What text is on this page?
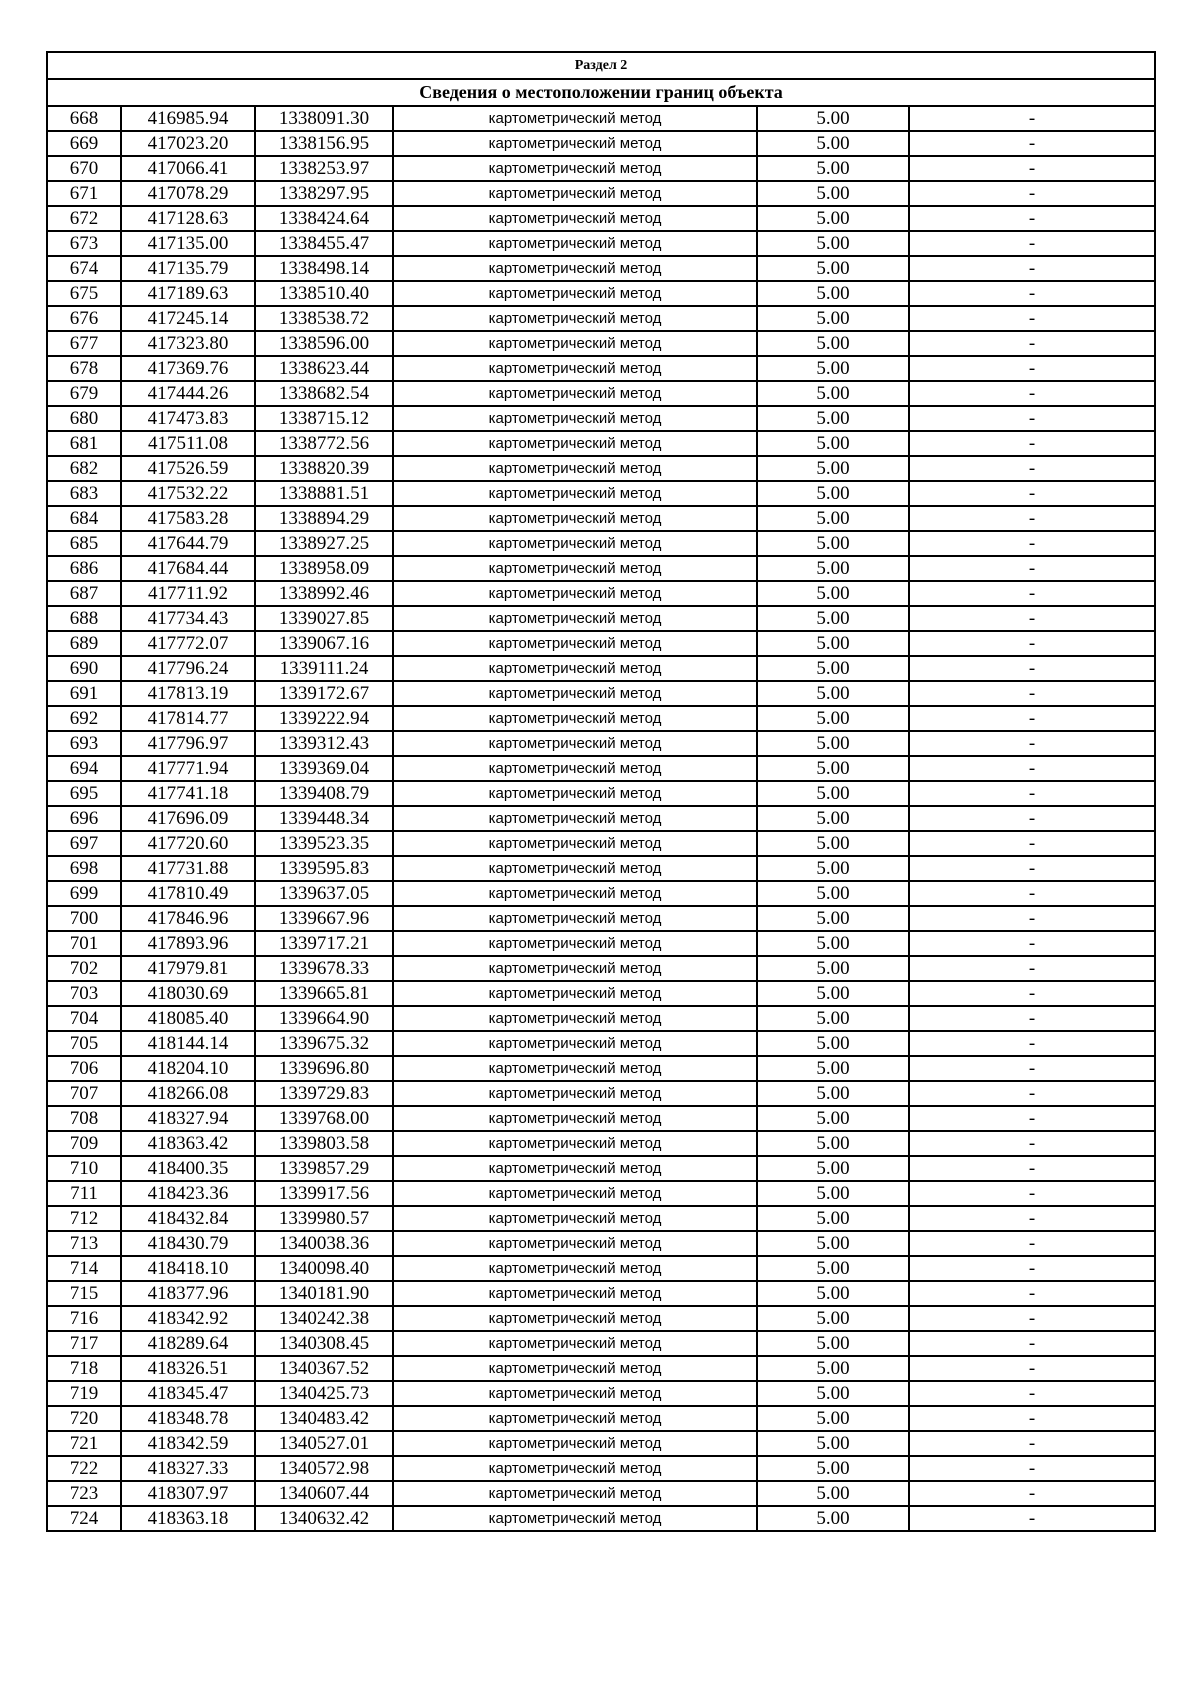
Раздел 2					
Сведения о местоположении границ объекта					
668	416985.94	1338091.30	картометрический метод	5.00	-
669	417023.20	1338156.95	картометрический метод	5.00	-
670	417066.41	1338253.97	картометрический метод	5.00	-
671	417078.29	1338297.95	картометрический метод	5.00	-
672	417128.63	1338424.64	картометрический метод	5.00	-
673	417135.00	1338455.47	картометрический метод	5.00	-
674	417135.79	1338498.14	картометрический метод	5.00	-
675	417189.63	1338510.40	картометрический метод	5.00	-
676	417245.14	1338538.72	картометрический метод	5.00	-
677	417323.80	1338596.00	картометрический метод	5.00	-
678	417369.76	1338623.44	картометрический метод	5.00	-
679	417444.26	1338682.54	картометрический метод	5.00	-
680	417473.83	1338715.12	картометрический метод	5.00	-
681	417511.08	1338772.56	картометрический метод	5.00	-
682	417526.59	1338820.39	картометрический метод	5.00	-
683	417532.22	1338881.51	картометрический метод	5.00	-
684	417583.28	1338894.29	картометрический метод	5.00	-
685	417644.79	1338927.25	картометрический метод	5.00	-
686	417684.44	1338958.09	картометрический метод	5.00	-
687	417711.92	1338992.46	картометрический метод	5.00	-
688	417734.43	1339027.85	картометрический метод	5.00	-
689	417772.07	1339067.16	картометрический метод	5.00	-
690	417796.24	1339111.24	картометрический метод	5.00	-
691	417813.19	1339172.67	картометрический метод	5.00	-
692	417814.77	1339222.94	картометрический метод	5.00	-
693	417796.97	1339312.43	картометрический метод	5.00	-
694	417771.94	1339369.04	картометрический метод	5.00	-
695	417741.18	1339408.79	картометрический метод	5.00	-
696	417696.09	1339448.34	картометрический метод	5.00	-
697	417720.60	1339523.35	картометрический метод	5.00	-
698	417731.88	1339595.83	картометрический метод	5.00	-
699	417810.49	1339637.05	картометрический метод	5.00	-
700	417846.96	1339667.96	картометрический метод	5.00	-
701	417893.96	1339717.21	картометрический метод	5.00	-
702	417979.81	1339678.33	картометрический метод	5.00	-
703	418030.69	1339665.81	картометрический метод	5.00	-
704	418085.40	1339664.90	картометрический метод	5.00	-
705	418144.14	1339675.32	картометрический метод	5.00	-
706	418204.10	1339696.80	картометрический метод	5.00	-
707	418266.08	1339729.83	картометрический метод	5.00	-
708	418327.94	1339768.00	картометрический метод	5.00	-
709	418363.42	1339803.58	картометрический метод	5.00	-
710	418400.35	1339857.29	картометрический метод	5.00	-
711	418423.36	1339917.56	картометрический метод	5.00	-
712	418432.84	1339980.57	картометрический метод	5.00	-
713	418430.79	1340038.36	картометрический метод	5.00	-
714	418418.10	1340098.40	картометрический метод	5.00	-
715	418377.96	1340181.90	картометрический метод	5.00	-
716	418342.92	1340242.38	картометрический метод	5.00	-
717	418289.64	1340308.45	картометрический метод	5.00	-
718	418326.51	1340367.52	картометрический метод	5.00	-
719	418345.47	1340425.73	картометрический метод	5.00	-
720	418348.78	1340483.42	картометрический метод	5.00	-
721	418342.59	1340527.01	картометрический метод	5.00	-
722	418327.33	1340572.98	картометрический метод	5.00	-
723	418307.97	1340607.44	картометрический метод	5.00	-
724	418363.18	1340632.42	картометрический метод	5.00	-
